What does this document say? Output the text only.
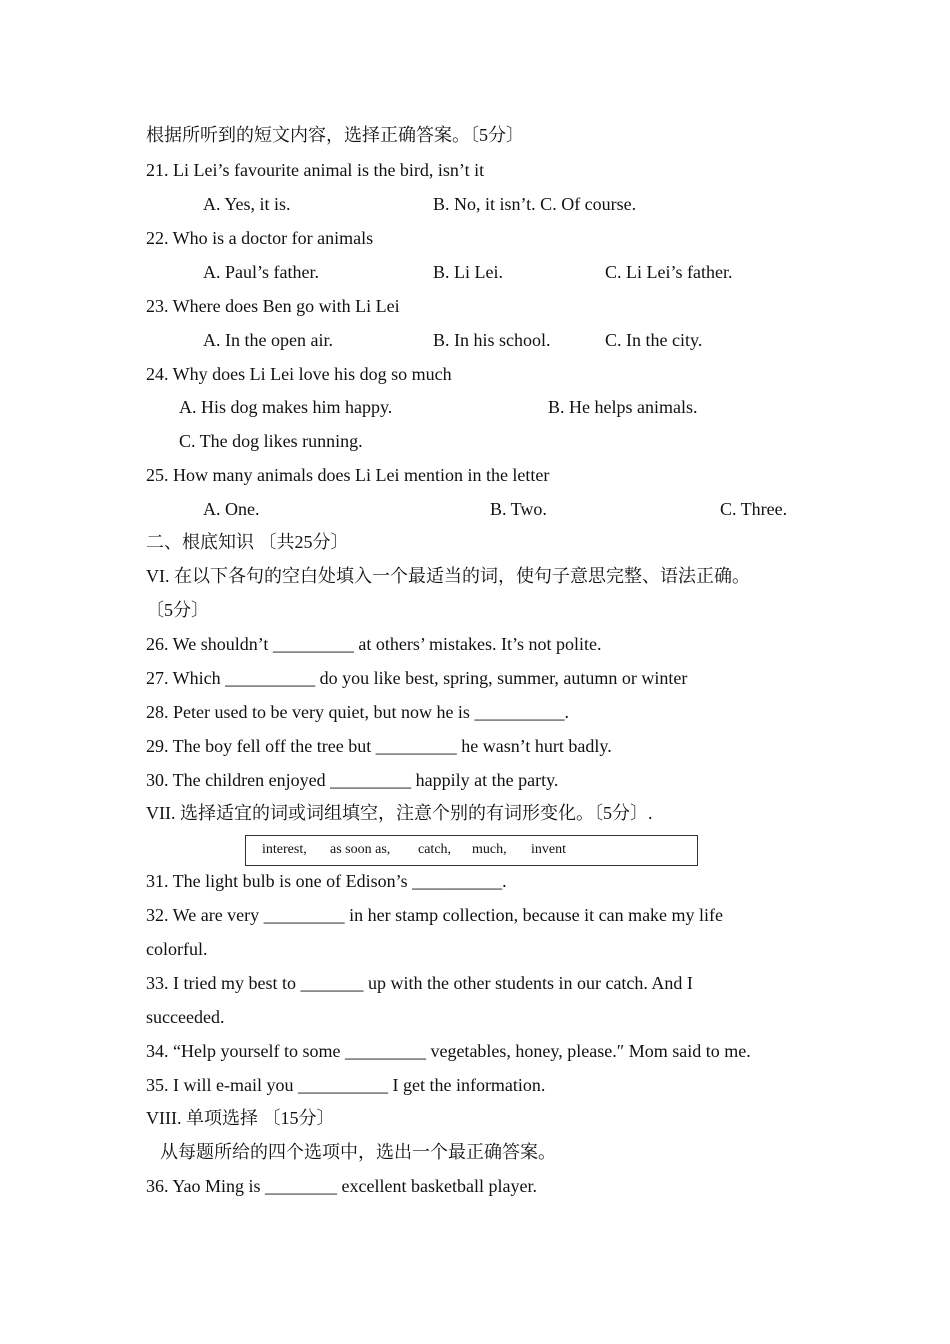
根据所听到的短文内容，选择正确答案。〔5分〕
21. Li Lei’s favourite animal is the bird, isn’t it
A. Yes, it is.	B. No, it isn’t. C. Of course.
22. Who is a doctor for animals
A. Paul’s father.	B. Li Lei.	C. Li Lei’s father.
23. Where does Ben go with Li Lei
A. In the open air.	B. In his school.	C. In the city.
24. Why does Li Lei love his dog so much
A. His dog makes him happy.	B. He helps animals.
C. The dog likes running.
25. How many animals does Li Lei mention in the letter
A. One.	B. Two.	C. Three.
二、根底知识 〔共25分〕
VI. 在以下各句的空白处填入一个最适当的词，使句子意思完整、语法正确。
〔5分〕
26. We shouldn’t _________ at others’ mistakes. It’s not polite.
27. Which __________ do you like best, spring, summer, autumn or winter
28. Peter used to be very quiet, but now he is __________.
29. The boy fell off the tree but _________ he wasn’t hurt badly.
30. The children enjoyed _________ happily at the party.
VII. 选择适宜的词或词组填空，注意个别的有词形变化。〔5分〕.
interest, as soon as, catch, much, invent
31. The light bulb is one of Edison’s __________.
32. We are very _________ in her stamp collection, because it can make my life
colorful.
33. I tried my best to _______ up with the other students in our catch. And I
succeeded.
34. “Help yourself to some _________ vegetables, honey, please.″ Mom said to me.
35. I will e-mail you __________ I get the information.
VIII. 单项选择 〔15分〕
从每题所给的四个选项中，选出一个最正确答案。
36. Yao Ming is ________ excellent basketball player.
